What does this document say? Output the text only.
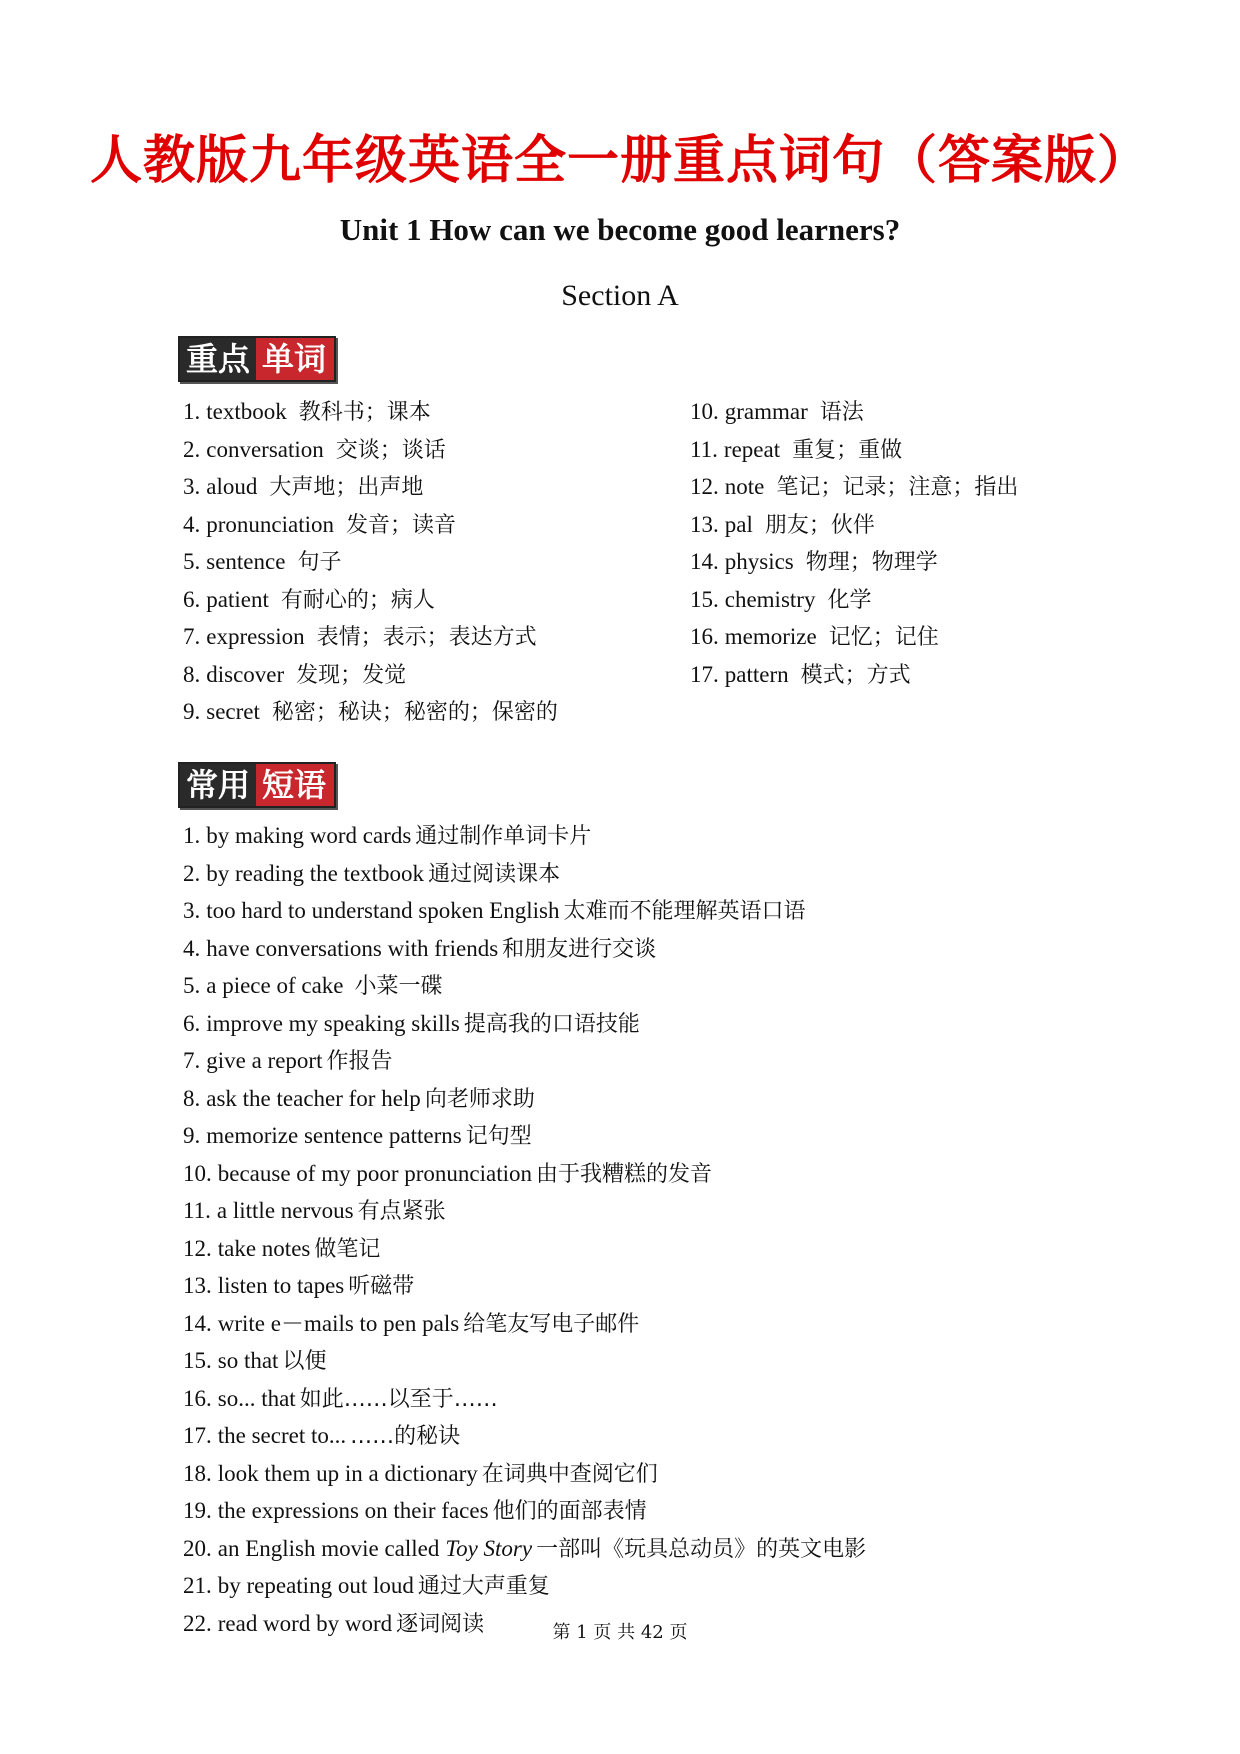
人教版九年级英语全一册重点词句（答案版）
Unit 1 How can we become good learners?
Section A
重点 单词
1. textbook 教科书；课本
2. conversation 交谈；谈话
3. aloud 大声地；出声地
4. pronunciation 发音；读音
5. sentence 句子
6. patient 有耐心的；病人
7. expression 表情；表示；表达方式
8. discover 发现；发觉
9. secret 秘密；秘诀；秘密的；保密的
10. grammar 语法
11. repeat 重复；重做
12. note 笔记；记录；注意；指出
13. pal 朋友；伙伴
14. physics 物理；物理学
15. chemistry 化学
16. memorize 记忆；记住
17. pattern 模式；方式
常用 短语
1. by making word cards 通过制作单词卡片
2. by reading the textbook 通过阅读课本
3. too hard to understand spoken English 太难而不能理解英语口语
4. have conversations with friends 和朋友进行交谈
5. a piece of cake 小菜一碟
6. improve my speaking skills 提高我的口语技能
7. give a report 作报告
8. ask the teacher for help 向老师求助
9. memorize sentence patterns 记句型
10. because of my poor pronunciation 由于我糟糕的发音
11. a little nervous 有点紧张
12. take notes 做笔记
13. listen to tapes 听磁带
14. write e－mails to pen pals 给笔友写电子邮件
15. so that 以便
16. so... that 如此……以至于……
17. the secret to... ……的秘诀
18. look them up in a dictionary 在词典中查阅它们
19. the expressions on their faces 他们的面部表情
20. an English movie called Toy Story 一部叫《玩具总动员》的英文电影
21. by repeating out loud 通过大声重复
22. read word by word 逐词阅读	第 1 页 共 42 页
